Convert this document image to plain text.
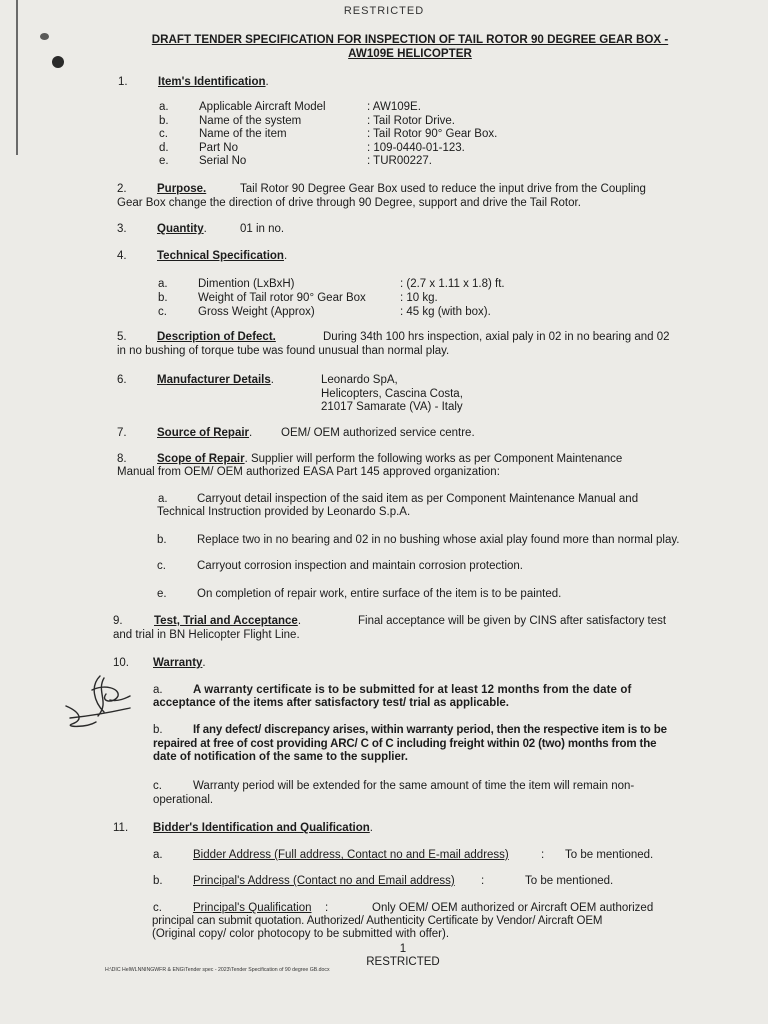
RESTRICTED
DRAFT TENDER SPECIFICATION FOR INSPECTION OF TAIL ROTOR 90 DEGREE GEAR BOX -
AW109E HELICOPTER
1.	Item's Identification.
a.	Applicable Aircraft Model	: AW109E.
b.	Name of the system	: Tail Rotor Drive.
c.	Name of the item	: Tail Rotor 90° Gear Box.
d.	Part No	: 109-0440-01-123.
e.	Serial No	: TUR00227.
2.	Purpose.	Tail Rotor 90 Degree Gear Box used to reduce the input drive from the Coupling
Gear Box change the direction of drive through 90 Degree, support and drive the Tail Rotor.
3.	Quantity.	01 in no.
4.	Technical Specification.
a.	Dimention (LxBxH)	: (2.7 x 1.11 x 1.8) ft.
b.	Weight of Tail rotor 90° Gear Box	: 10 kg.
c.	Gross Weight (Approx)	: 45 kg (with box).
5.	Description of Defect.	During 34th 100 hrs inspection, axial paly in 02 in no bearing and 02
in no bushing of torque tube was found unusual than normal play.
6.	Manufacturer Details.	Leonardo SpA,
Helicopters, Cascina Costa,
21017 Samarate (VA) - Italy
7.	Source of Repair.	OEM/ OEM authorized service centre.
8.	Scope of Repair. Supplier will perform the following works as per Component Maintenance
Manual from OEM/ OEM authorized EASA Part 145 approved organization:
a.	Carryout detail inspection of the said item as per Component Maintenance Manual and
Technical Instruction provided by Leonardo S.p.A.
b.	Replace two in no bearing and 02 in no bushing whose axial play found more than normal play.
c.	Carryout corrosion inspection and maintain corrosion protection.
e.	On completion of repair work, entire surface of the item is to be painted.
9.	Test, Trial and Acceptance.	Final acceptance will be given by CINS after satisfactory test
and trial in BN Helicopter Flight Line.
10. Warranty.
a.	A warranty certificate is to be submitted for at least 12 months from the date of
acceptance of the items after satisfactory test/ trial as applicable.
b.	If any defect/ discrepancy arises, within warranty period, then the respective item is to be
repaired at free of cost providing ARC/ C of C including freight within 02 (two) months from the
date of notification of the same to the supplier.
c.	Warranty period will be extended for the same amount of time the item will remain non-
operational.
11. Bidder's Identification and Qualification.
a.	Bidder Address (Full address, Contact no and E-mail address)	: To be mentioned.
b.	Principal's Address (Contact no and Email address) :	To be mentioned.
c.	Principal's Qualification :	Only OEM/ OEM authorized or Aircraft OEM authorized
principal can submit quotation. Authorized/ Authenticity Certificate by Vendor/ Aircraft OEM
(Original copy/ color photocopy to be submitted with offer).
1
RESTRICTED
H:\DIC HelWLNNINGWFR & ENG\Tender spec - 2023\Tender Specification of 90 degree GB.docx
